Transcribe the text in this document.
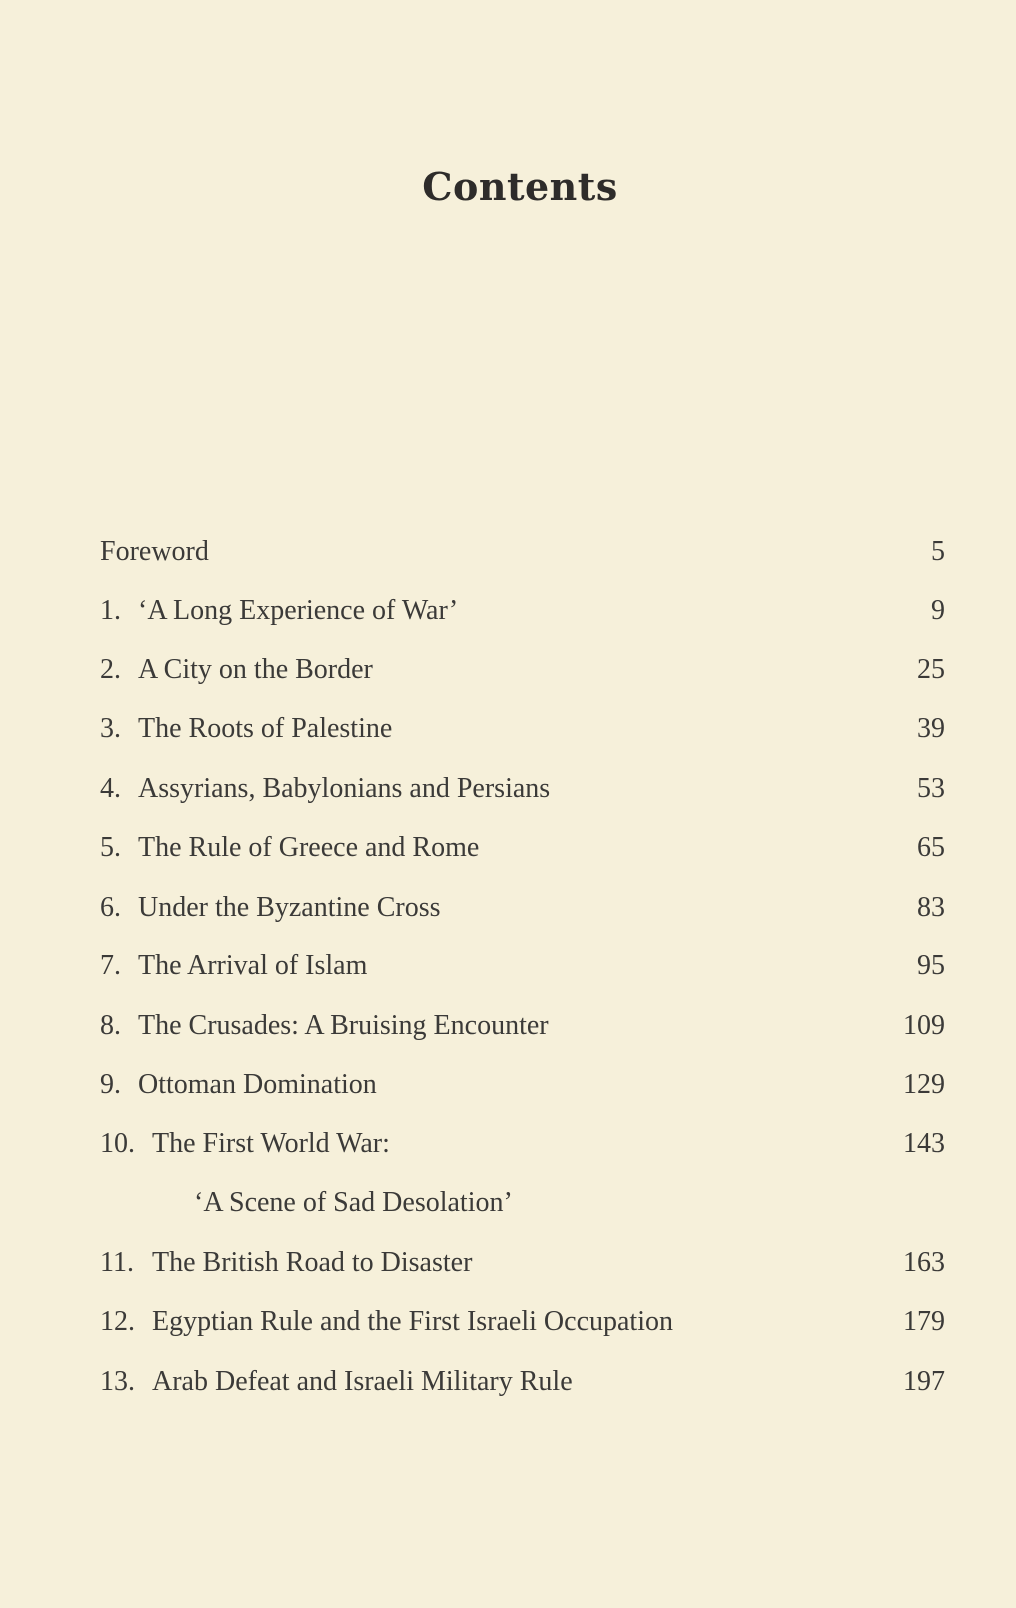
Contents
Foreword	5
1. ‘A Long Experience of War’	9
2. A City on the Border	25
3. The Roots of Palestine	39
4. Assyrians, Babylonians and Persians	53
5. The Rule of Greece and Rome	65
6. Under the Byzantine Cross	83
7. The Arrival of Islam	95
8. The Crusades: A Bruising Encounter	109
9. Ottoman Domination	129
10. The First World War:	143
‘A Scene of Sad Desolation’
11. The British Road to Disaster	163
12. Egyptian Rule and the First Israeli Occupation	179
13. Arab Defeat and Israeli Military Rule	197
